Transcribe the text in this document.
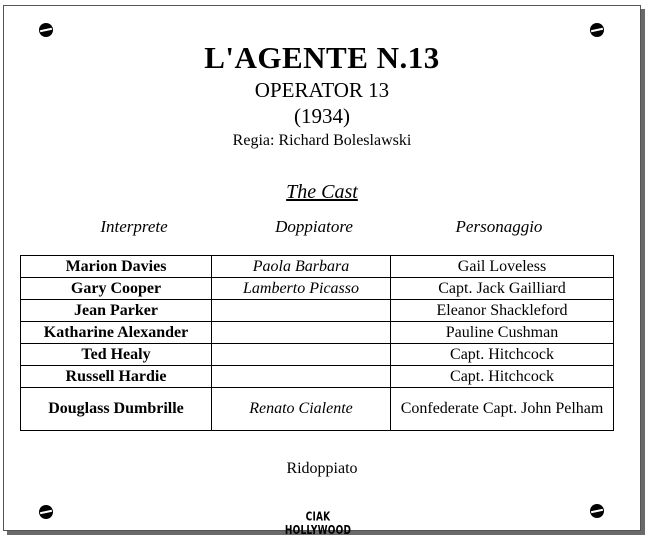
L'AGENTE N.13
OPERATOR 13
(1934)
Regia: Richard Boleslawski
The Cast
Interprete	Doppiatore	Personaggio
Marion Davies	Paola Barbara	Gail Loveless
Gary Cooper	Lamberto Picasso	Capt. Jack Gailliard
Jean Parker		Eleanor Shackleford
Katharine Alexander		Pauline Cushman
Ted Healy		Capt. Hitchcock
Russell Hardie		Capt. Hitchcock
Douglass Dumbrille	Renato Cialente	Confederate Capt. John Pelham
Ridoppiato
CIAK HOLLYWOOD
